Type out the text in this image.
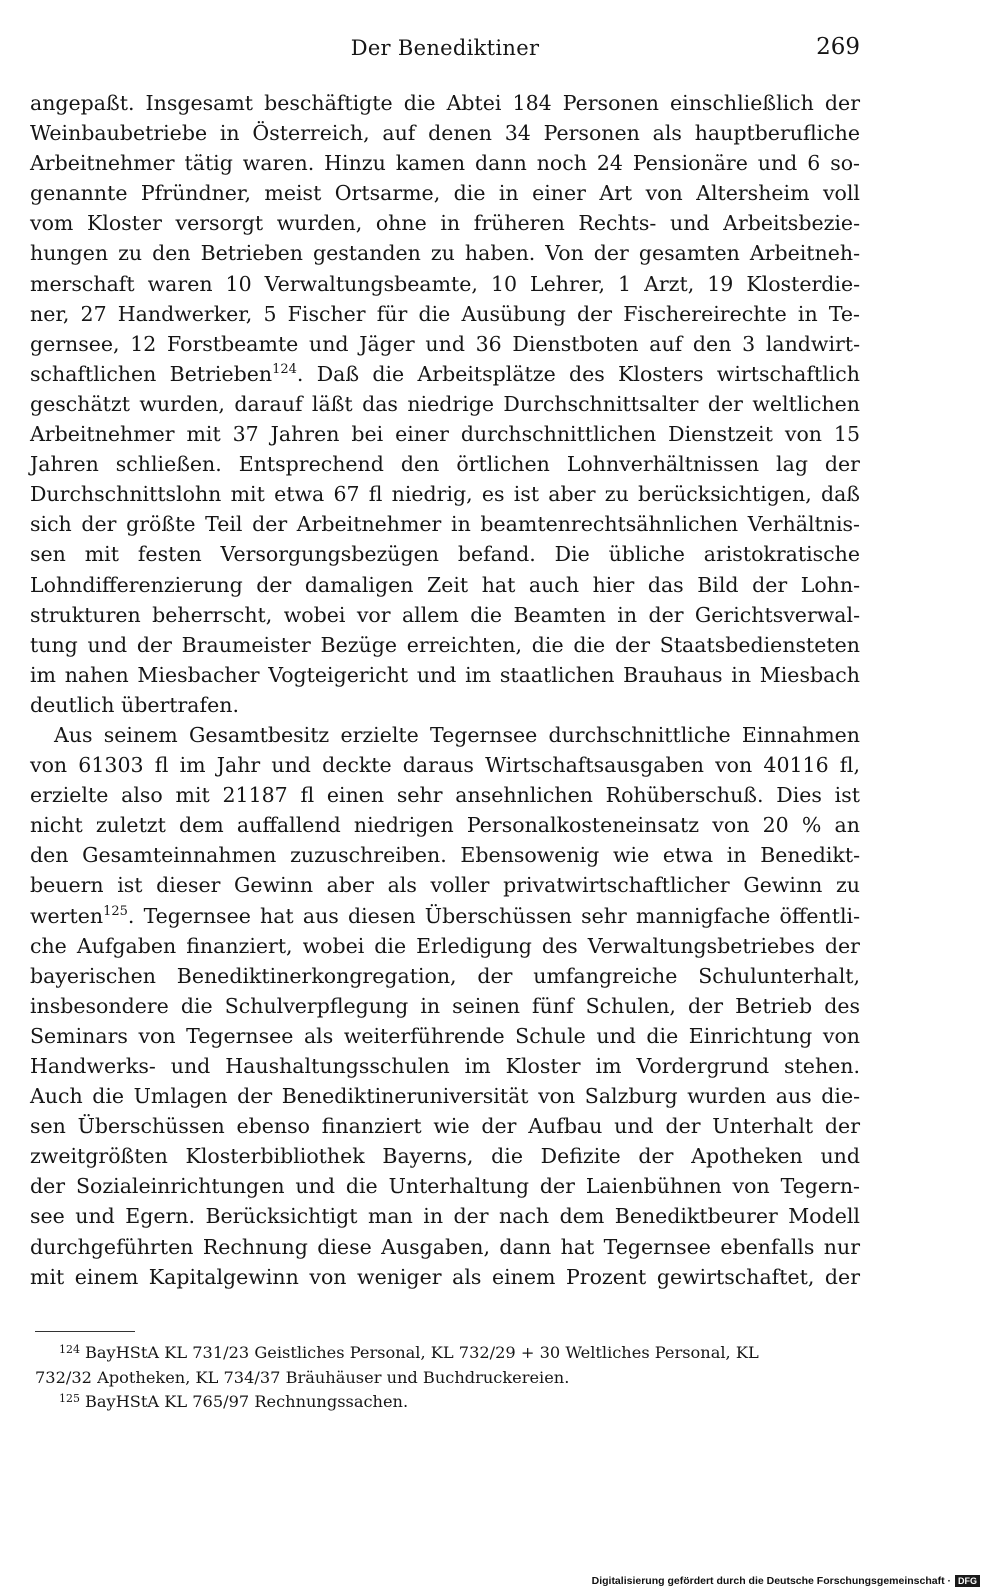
Der Benediktiner	269

angepaßt. Insgesamt beschäftigte die Abtei 184 Personen einschließlich der

Weinbaubetriebe in Österreich, auf denen 34 Personen als hauptberufliche

Arbeitnehmer tätig waren. Hinzu kamen dann noch 24 Pensionäre und 6 so-

genannte Pfründner, meist Ortsarme, die in einer Art von Altersheim voll

vom Kloster versorgt wurden, ohne in früheren Rechts- und Arbeitsbezie-

hungen zu den Betrieben gestanden zu haben. Von der gesamten Arbeitneh-

merschaft waren 10 Verwaltungsbeamte, 10 Lehrer, 1 Arzt, 19 Klosterdie-

ner, 27 Handwerker, 5 Fischer für die Ausübung der Fischereirechte in Te-

gernsee, 12 Forstbeamte und Jäger und 36 Dienstboten auf den 3 landwirt-

schaftlichen Betrieben$^{124}$. Daß die Arbeitsplätze des Klosters wirtschaftlich

geschätzt wurden, darauf läßt das niedrige Durchschnittsalter der weltlichen

Arbeitnehmer mit 37 Jahren bei einer durchschnittlichen Dienstzeit von 15

Jahren schließen. Entsprechend den örtlichen Lohnverhältnissen lag der

Durchschnittslohn mit etwa 67 fl niedrig, es ist aber zu berücksichtigen, daß

sich der größte Teil der Arbeitnehmer in beamtenrechtsähnlichen Verhältnis-

sen mit festen Versorgungsbezügen befand. Die übliche aristokratische

Lohndifferenzierung der damaligen Zeit hat auch hier das Bild der Lohn-

strukturen beherrscht, wobei vor allem die Beamten in der Gerichtsverwal-

tung und der Braumeister Bezüge erreichten, die die der Staatsbediensteten

im nahen Miesbacher Vogteigericht und im staatlichen Brauhaus in Miesbach

deutlich übertrafen.

Aus seinem Gesamtbesitz erzielte Tegernsee durchschnittliche Einnahmen

von 61303 fl im Jahr und deckte daraus Wirtschaftsausgaben von 40116 fl,

erzielte also mit 21187 fl einen sehr ansehnlichen Rohüberschuß. Dies ist

nicht zuletzt dem auffallend niedrigen Personalkosteneinsatz von 20 % an

den Gesamteinnahmen zuzuschreiben. Ebensowenig wie etwa in Benedikt-

beuern ist dieser Gewinn aber als voller privatwirtschaftlicher Gewinn zu

werten$^{125}$. Tegernsee hat aus diesen Überschüssen sehr mannigfache öffentli-

che Aufgaben finanziert, wobei die Erledigung des Verwaltungsbetriebes der

bayerischen Benediktinerkongregation, der umfangreiche Schulunterhalt,

insbesondere die Schulverpflegung in seinen fünf Schulen, der Betrieb des

Seminars von Tegernsee als weiterführende Schule und die Einrichtung von

Handwerks- und Haushaltungsschulen im Kloster im Vordergrund stehen.

Auch die Umlagen der Benediktineruniversität von Salzburg wurden aus die-

sen Überschüssen ebenso finanziert wie der Aufbau und der Unterhalt der

zweitgrößten Klosterbibliothek Bayerns, die Defizite der Apotheken und

der Sozialeinrichtungen und die Unterhaltung der Laienbühnen von Tegern-

see und Egern. Berücksichtigt man in der nach dem Benediktbeurer Modell

durchgeführten Rechnung diese Ausgaben, dann hat Tegernsee ebenfalls nur

mit einem Kapitalgewinn von weniger als einem Prozent gewirtschaftet, der

$^{124}$ BayHStA KL 731/23 Geistliches Personal, KL 732/29 + 30 Weltliches Personal, KL

732/32 Apotheken, KL 734/37 Bräuhäuser und Buchdruckereien.

$^{125}$ BayHStA KL 765/97 Rechnungssachen.

Digitalisierung gefördert durch die Deutsche Forschungsgemeinschaft · DFG
